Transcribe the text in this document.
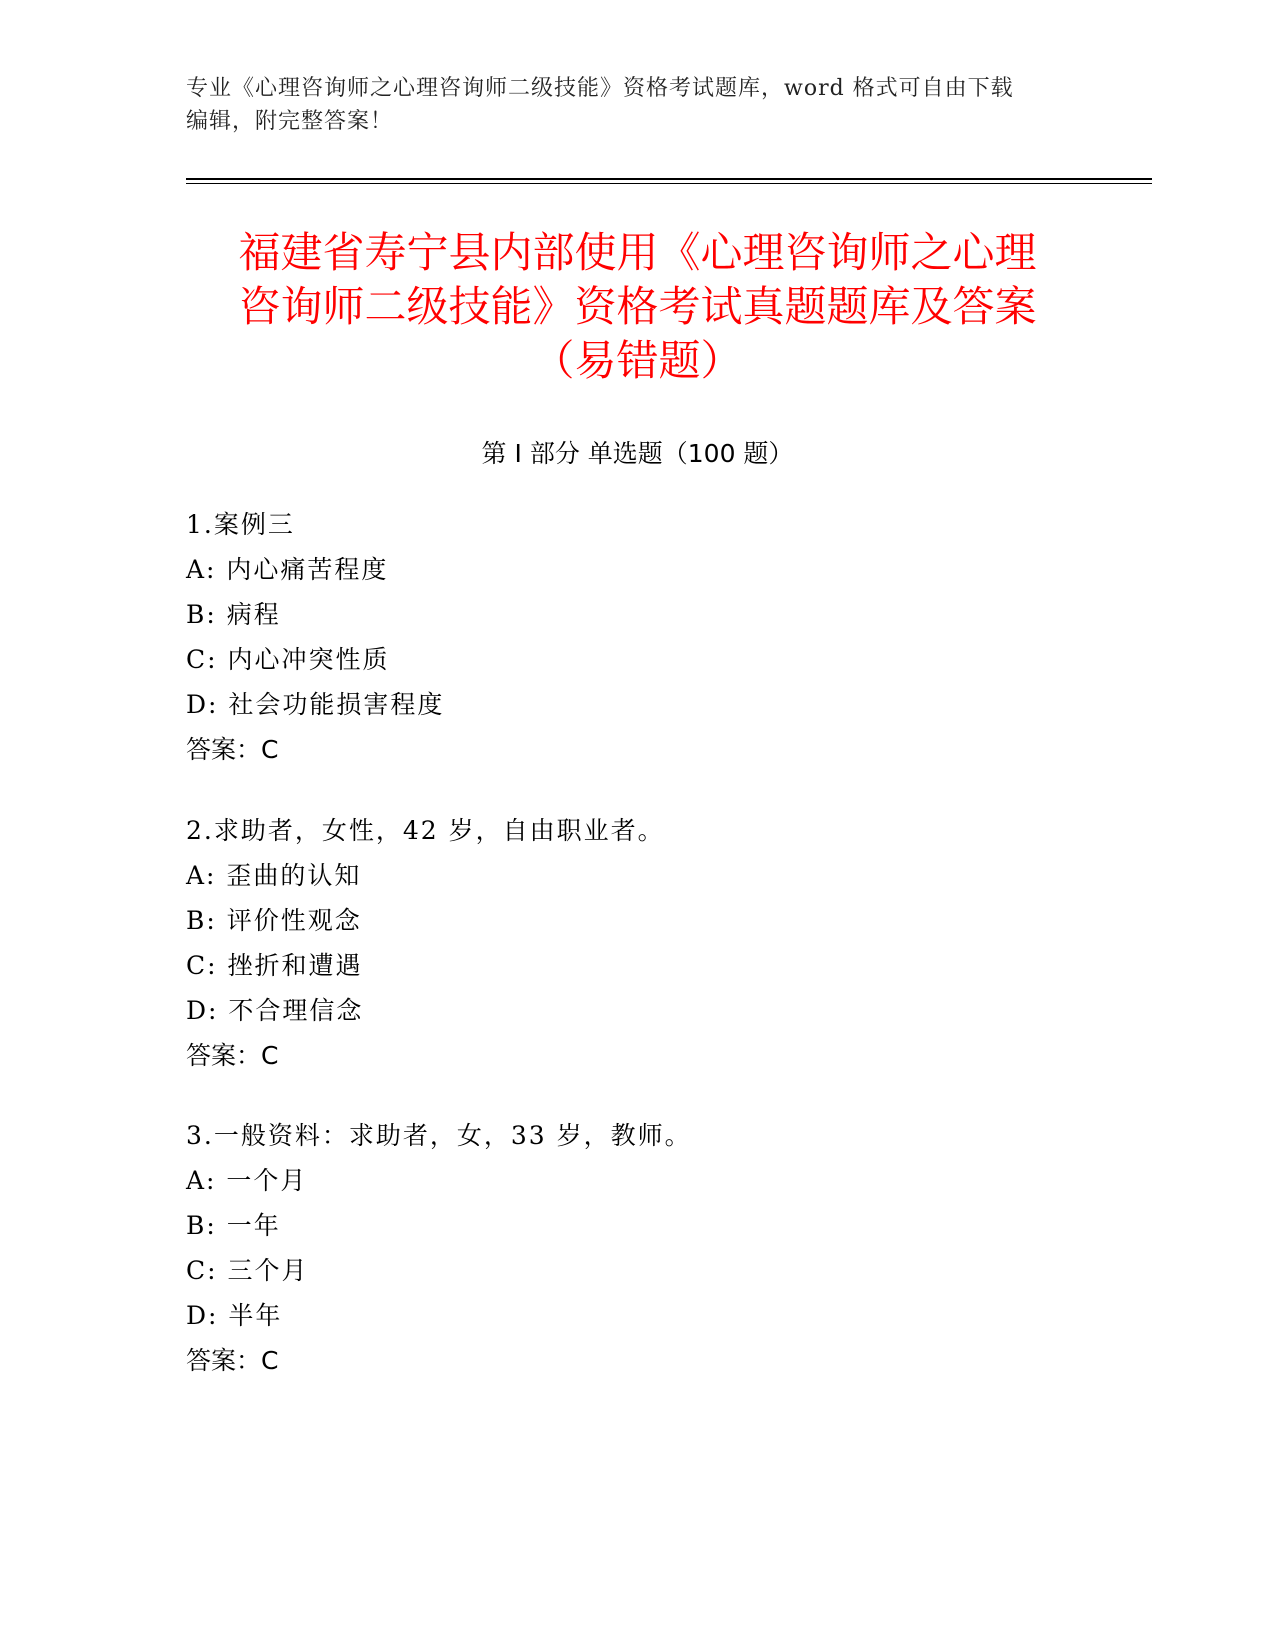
专业《心理咨询师之心理咨询师二级技能》资格考试题库，word 格式可自由下载
编辑，附完整答案！
福建省寿宁县内部使用《心理咨询师之心理
咨询师二级技能》资格考试真题题库及答案
（易错题）
第 I 部分 单选题（100 题）
1.案例三
A: 内心痛苦程度
B: 病程
C: 内心冲突性质
D: 社会功能损害程度
答案：C
2.求助者，女性，42 岁，自由职业者。
A: 歪曲的认知
B: 评价性观念
C: 挫折和遭遇
D: 不合理信念
答案：C
3.一般资料：求助者，女，33 岁，教师。
A: 一个月
B: 一年
C: 三个月
D: 半年
答案：C
